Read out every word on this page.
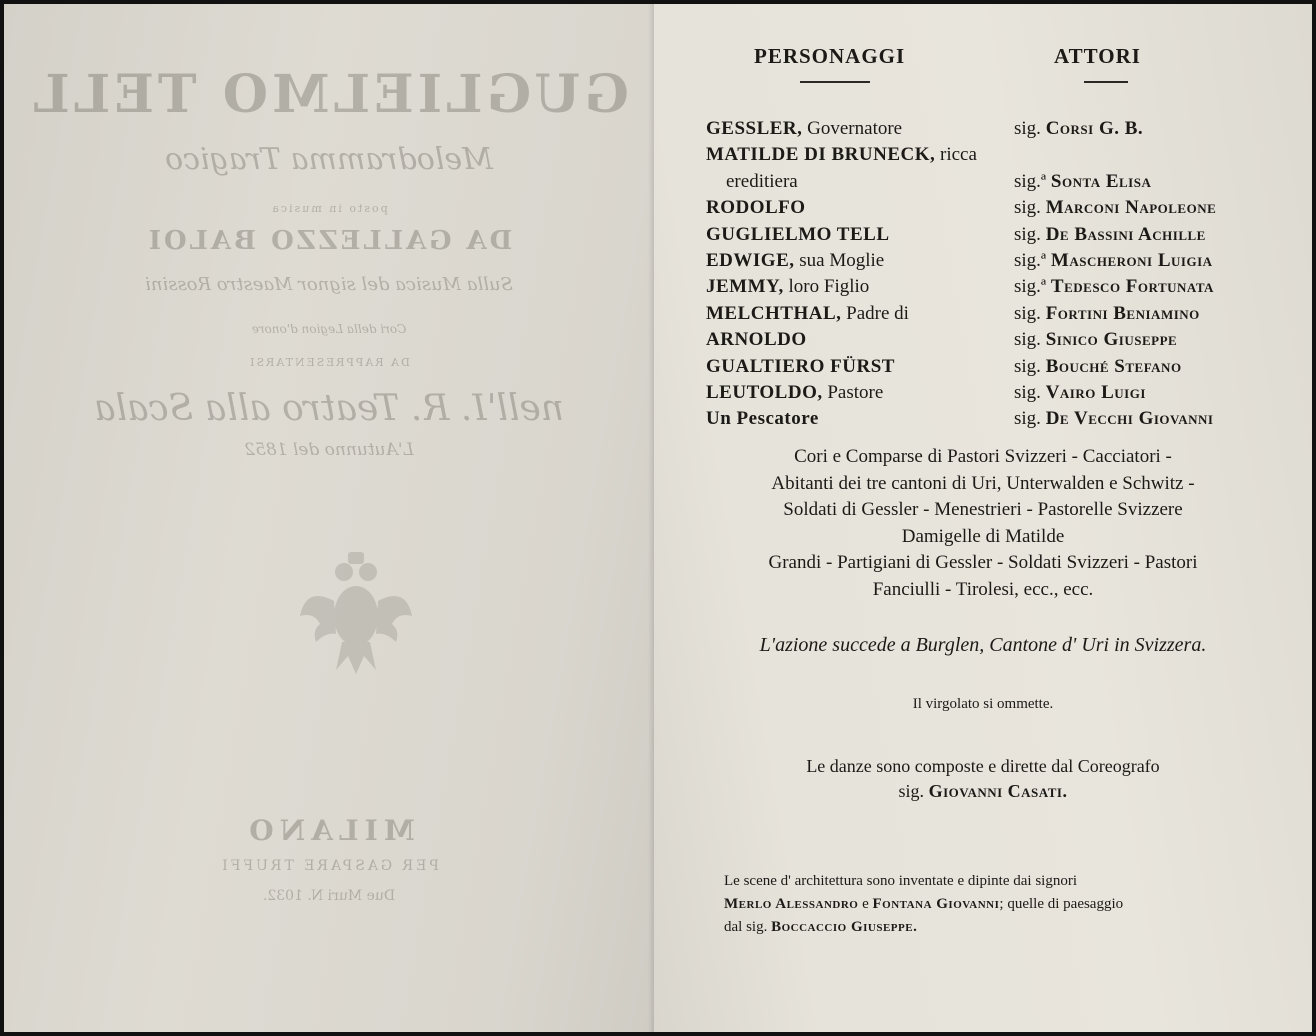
GUGLIELMO TELL
Melodramma Tragico
posto in musica
DA GALLEZZO BALOI
Sulla Musica del signor Maestro Rossini
Cori della Legion d'onore
DA RAPPRESENTARSI
nell'I. R. Teatro alla Scala
L'Autunno del 1852
MILANO
PER GASPARE TRUFFI
Due Muri N. 1032.
PERSONAGGI	ATTORI
GESSLER, Governatore	sig. Corsi G. B.
MATILDE DI BRUNECK, ricca
ereditiera	sig.ª Sonta Elisa
RODOLFO	sig. Marconi Napoleone
GUGLIELMO TELL	sig. De Bassini Achille
EDWIGE, sua Moglie	sig.ª Mascheroni Luigia
JEMMY, loro Figlio	sig.ª Tedesco Fortunata
MELCHTHAL, Padre di	sig. Fortini Beniamino
ARNOLDO	sig. Sinico Giuseppe
GUALTIERO FÜRST	sig. Bouché Stefano
LEUTOLDO, Pastore	sig. Vairo Luigi
Un Pescatore	sig. De Vecchi Giovanni
Cori e Comparse di Pastori Svizzeri - Cacciatori -
Abitanti dei tre cantoni di Uri, Unterwalden e Schwitz -
Soldati di Gessler - Menestrieri - Pastorelle Svizzere
Damigelle di Matilde
Grandi - Partigiani di Gessler - Soldati Svizzeri - Pastori
Fanciulli - Tirolesi, ecc., ecc.
L'azione succede a Burglen, Cantone d' Uri in Svizzera.
Il virgolato si ommette.
Le danze sono composte e dirette dal Coreografo
sig. Giovanni Casati.
Le scene d' architettura sono inventate e dipinte dai signori
Merlo Alessandro e Fontana Giovanni; quelle di paesaggio
dal sig. Boccaccio Giuseppe.
